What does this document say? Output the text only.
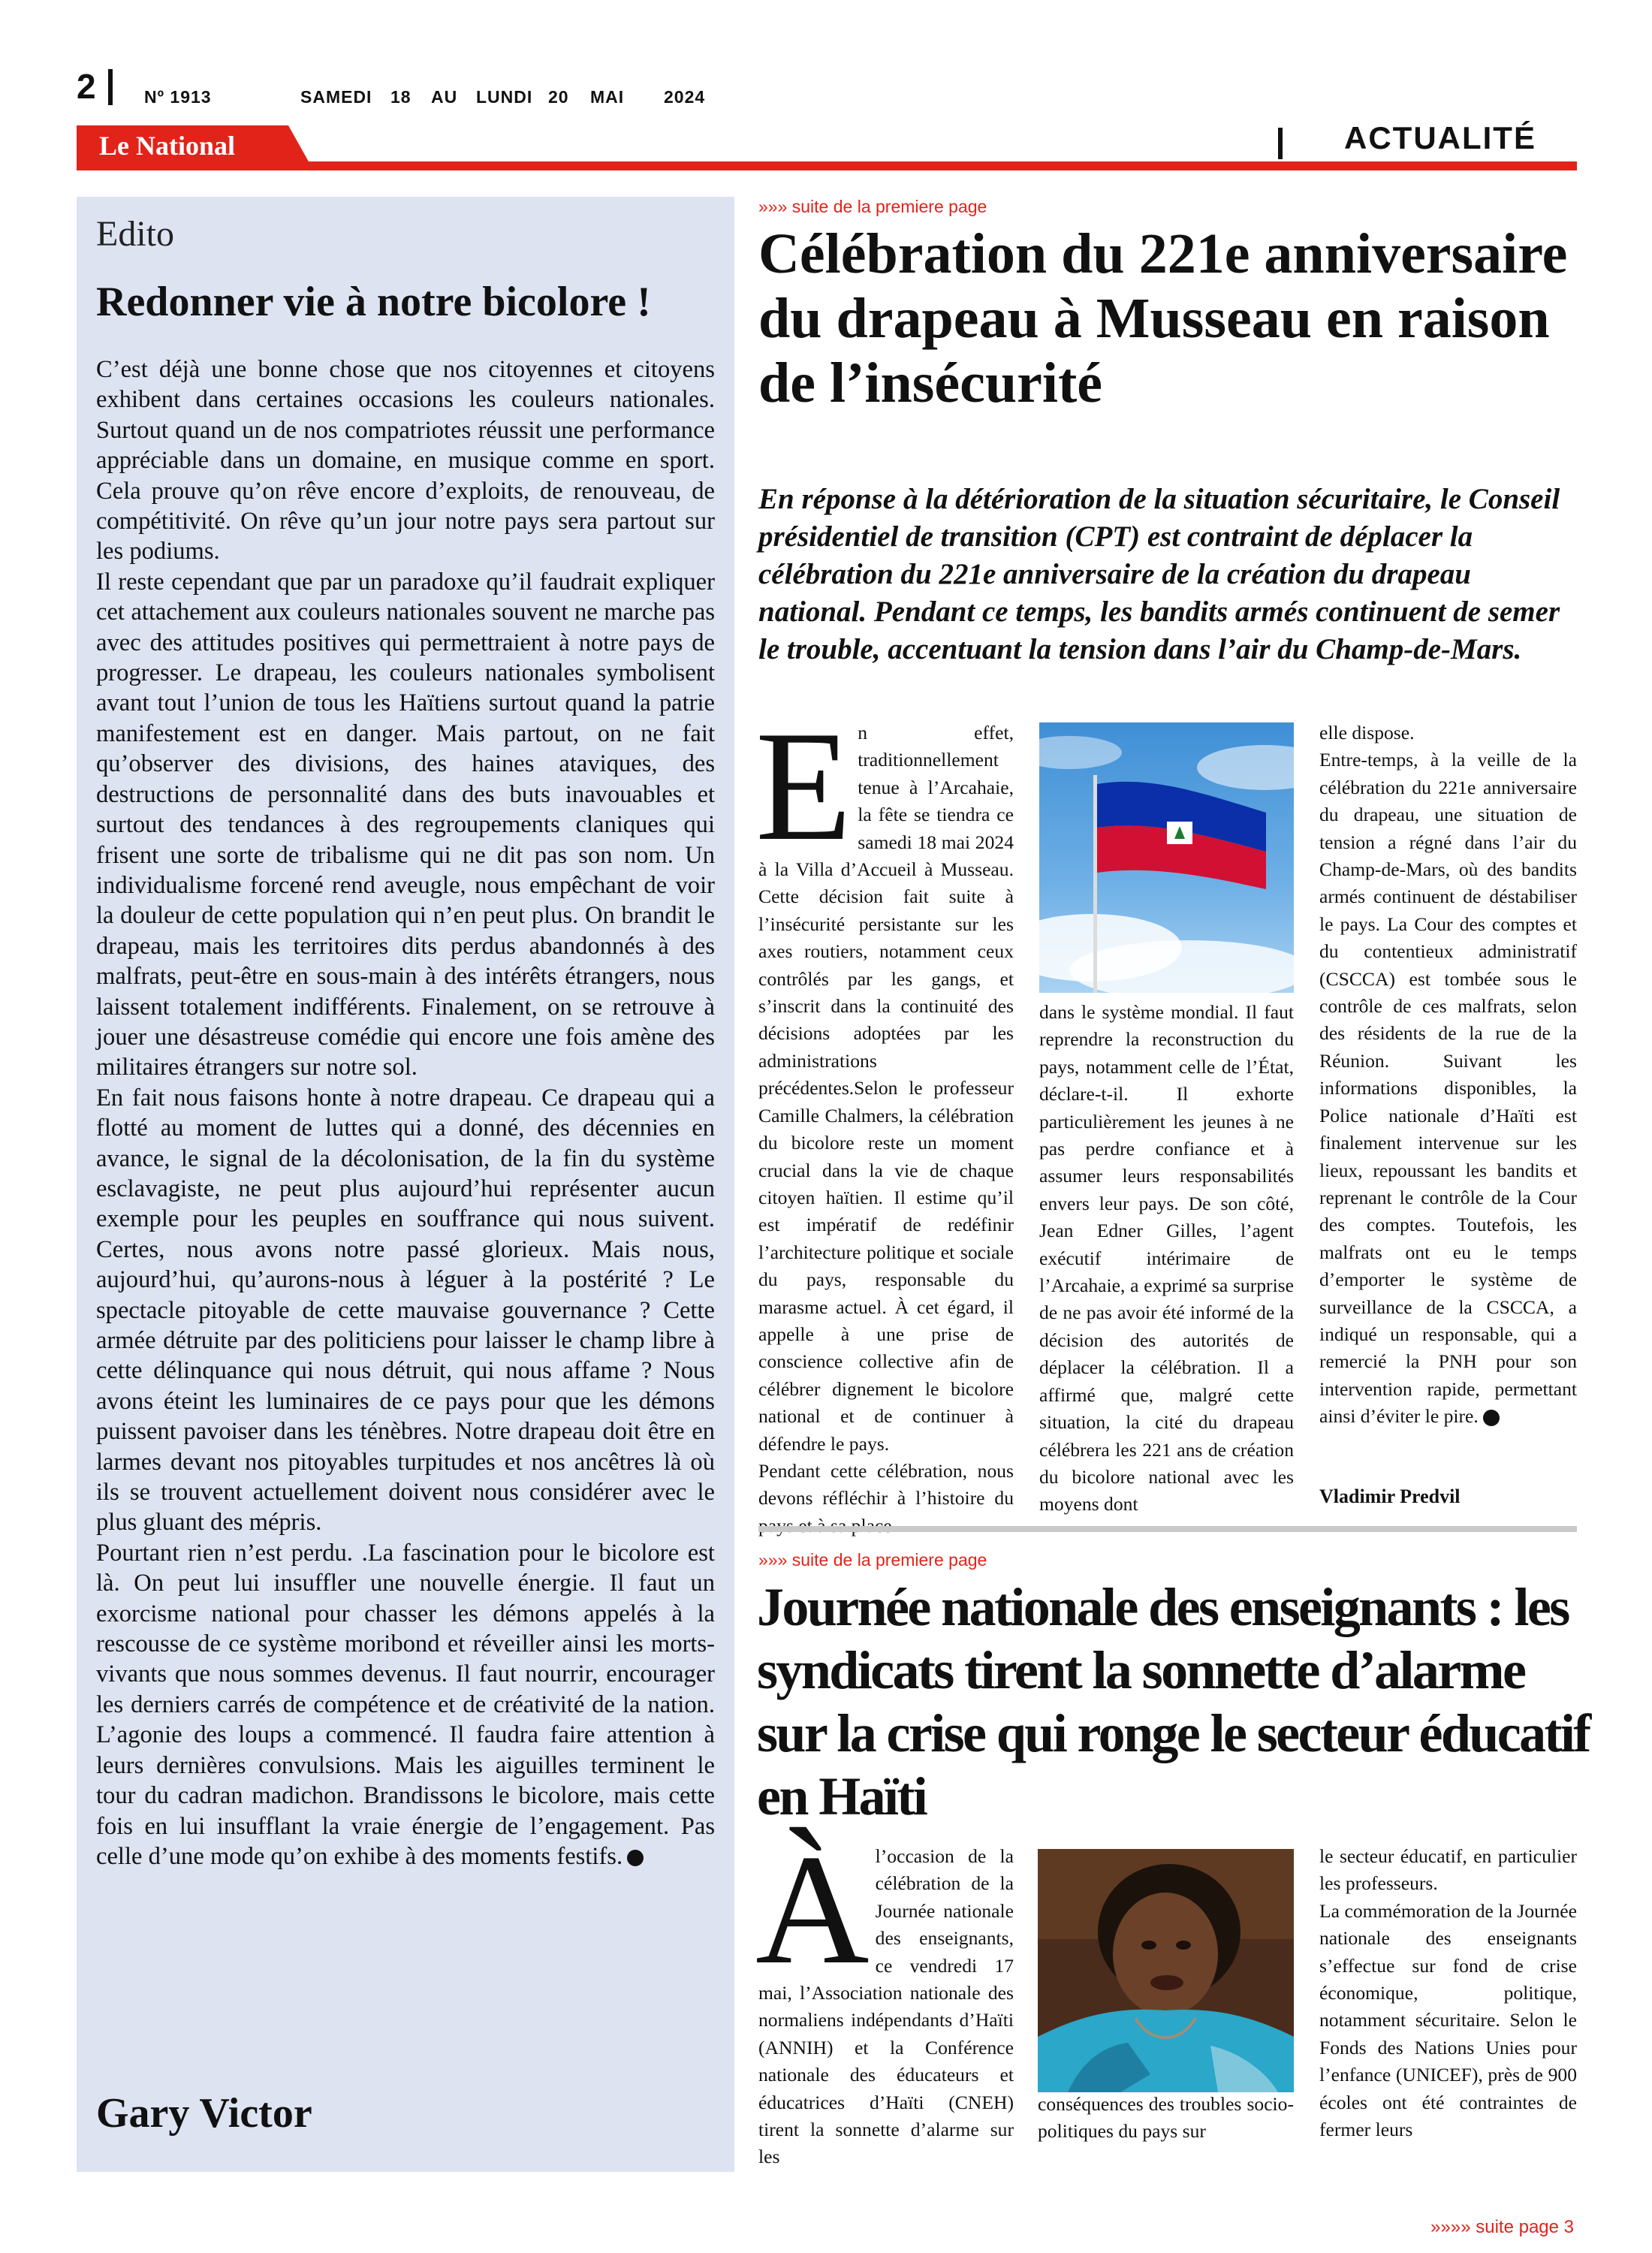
2	Nº 1913	SAMEDI 18 AU LUNDI 20 MAI 2024
Le National	ACTUALITÉ
Edito
Redonner vie à notre bicolore !

C’est déjà une bonne chose que nos citoyennes et citoyens exhibent dans certaines occasions les couleurs nationales. Surtout quand un de nos compatriotes réussit une performance appréciable dans un domaine, en musique comme en sport. Cela prouve qu’on rêve encore d’exploits, de renouveau, de compétitivité. On rêve qu’un jour notre pays sera partout sur les podiums.

Il reste cependant que par un paradoxe qu’il faudrait expliquer cet attachement aux couleurs nationales souvent ne marche pas avec des attitudes positives qui permettraient à notre pays de progresser. Le drapeau, les couleurs nationales symbolisent avant tout l’union de tous les Haïtiens surtout quand la patrie manifestement est en danger. Mais partout, on ne fait qu’observer des divisions, des haines ataviques, des destructions de personnalité dans des buts inavouables et surtout des tendances à des regroupements claniques qui frisent une sorte de tribalisme qui ne dit pas son nom. Un individualisme forcené rend aveugle, nous empêchant de voir la douleur de cette population qui n’en peut plus. On brandit le drapeau, mais les territoires dits perdus abandonnés à des malfrats, peut-être en sous-main à des intérêts étrangers, nous laissent totalement indifférents. Finalement, on se retrouve à jouer une désastreuse comédie qui encore une fois amène des militaires étrangers sur notre sol.

En fait nous faisons honte à notre drapeau. Ce drapeau qui a flotté au moment de luttes qui a donné, des décennies en avance, le signal de la décolonisation, de la fin du système esclavagiste, ne peut plus aujourd’hui représenter aucun exemple pour les peuples en souffrance qui nous suivent. Certes, nous avons notre passé glorieux. Mais nous, aujourd’hui, qu’aurons-nous à léguer à la postérité ? Le spectacle pitoyable de cette mauvaise gouvernance ? Cette armée détruite par des politiciens pour laisser le champ libre à cette délinquance qui nous détruit, qui nous affame ? Nous avons éteint les luminaires de ce pays pour que les démons puissent pavoiser dans les ténèbres. Notre drapeau doit être en larmes devant nos pitoyables turpitudes et nos ancêtres là où ils se trouvent actuellement doivent nous considérer avec le plus gluant des mépris.

Pourtant rien n’est perdu. .La fascination pour le bicolore est là. On peut lui insuffler une nouvelle énergie. Il faut un exorcisme national pour chasser les démons appelés à la rescousse de ce système moribond et réveiller ainsi les morts-vivants que nous sommes devenus. Il faut nourrir, encourager les derniers carrés de compétence et de créativité de la nation. L’agonie des loups a commencé. Il faudra faire attention à leurs dernières convulsions. Mais les aiguilles terminent le tour du cadran madichon. Brandissons le bicolore, mais cette fois en lui insufflant la vraie énergie de l’engagement. Pas celle d’une mode qu’on exhibe à des moments festifs.

Gary Victor
»»» suite de la premiere page
Célébration du 221e anniversaire du drapeau à Musseau en raison de l’insécurité
En réponse à la détérioration de la situation sécuritaire, le Conseil présidentiel de transition (CPT) est contraint de déplacer la célébration du 221e anniversaire de la création du drapeau national. Pendant ce temps, les bandits armés continuent de semer le trouble, accentuant la tension dans l’air du Champ-de-Mars.
E n effet, traditionnellement tenue à l’Arcahaie, la fête se tiendra ce samedi 18 mai 2024 à la Villa d’Accueil à Musseau. Cette décision fait suite à l’insécurité persistante sur les axes routiers, notamment ceux contrôlés par les gangs, et s’inscrit dans la continuité des décisions adoptées par les administrations précédentes.Selon le professeur Camille Chalmers, la célébration du bicolore reste un moment crucial dans la vie de chaque citoyen haïtien. Il estime qu’il est impératif de redéfinir l’architecture politique et sociale du pays, responsable du marasme actuel. À cet égard, il appelle à une prise de conscience collective afin de célébrer dignement le bicolore national et de continuer à défendre le pays.

Pendant cette célébration, nous devons réfléchir à l’histoire du

dans le système mondial. Il faut reprendre la reconstruction du pays, notamment celle de l’État, déclare-t-il. Il exhorte particulièrement les jeunes à ne pas perdre confiance et à assumer leurs responsabilités envers leur pays. De son côté, Jean Edner Gilles, l’agent exécutif intérimaire de l’Arcahaie, a exprimé sa surprise de ne pas avoir été informé de la décision des autorités de déplacer la célébration. Il a affirmé que, malgré cette situation, la cité du drapeau célébrera les 221 ans de création du bicolore national avec les moyens dont

elle dispose.

Entre-temps, à la veille de la célébration du 221e anniversaire du drapeau, une situation de tension a régné dans l’air du Champ-de-Mars, où des bandits armés continuent de déstabiliser le pays. La Cour des comptes et du contentieux administratif (CSCCA) est tombée sous le contrôle de ces malfrats, selon des résidents de la rue de la Réunion. Suivant les informations disponibles, la Police nationale d’Haïti est finalement intervenue sur les lieux, repoussant les bandits et reprenant le contrôle de la Cour des comptes. Toutefois, les malfrats ont eu le temps d’emporter le système de surveillance de la CSCCA, a indiqué un responsable, qui a remercié la PNH pour son intervention rapide, permettant ainsi d’éviter le pire.

Vladimir Predvil
»»» suite de la premiere page
Journée nationale des enseignants : les syndicats tirent la sonnette d’alarme sur la crise qui ronge le secteur éducatif en Haïti
À l’occasion de la célébration de la Journée nationale des enseignants, ce vendredi 17 mai, l’Association nationale des normaliens indépendants d’Haïti (ANNIH) et la Conférence nationale des éducateurs et éducatrices d’Haïti (CNEH) tirent la sonnette d’alarme sur les

conséquences des troubles socio-politiques du pays sur

le secteur éducatif, en particulier les professeurs.

La commémoration de la Journée nationale des enseignants s’effectue sur fond de crise économique, politique, notamment sécuritaire. Selon le Fonds des Nations Unies pour l’enfance (UNICEF), près de 900 écoles ont été contraintes de fermer leurs

»»»» suite page 3
